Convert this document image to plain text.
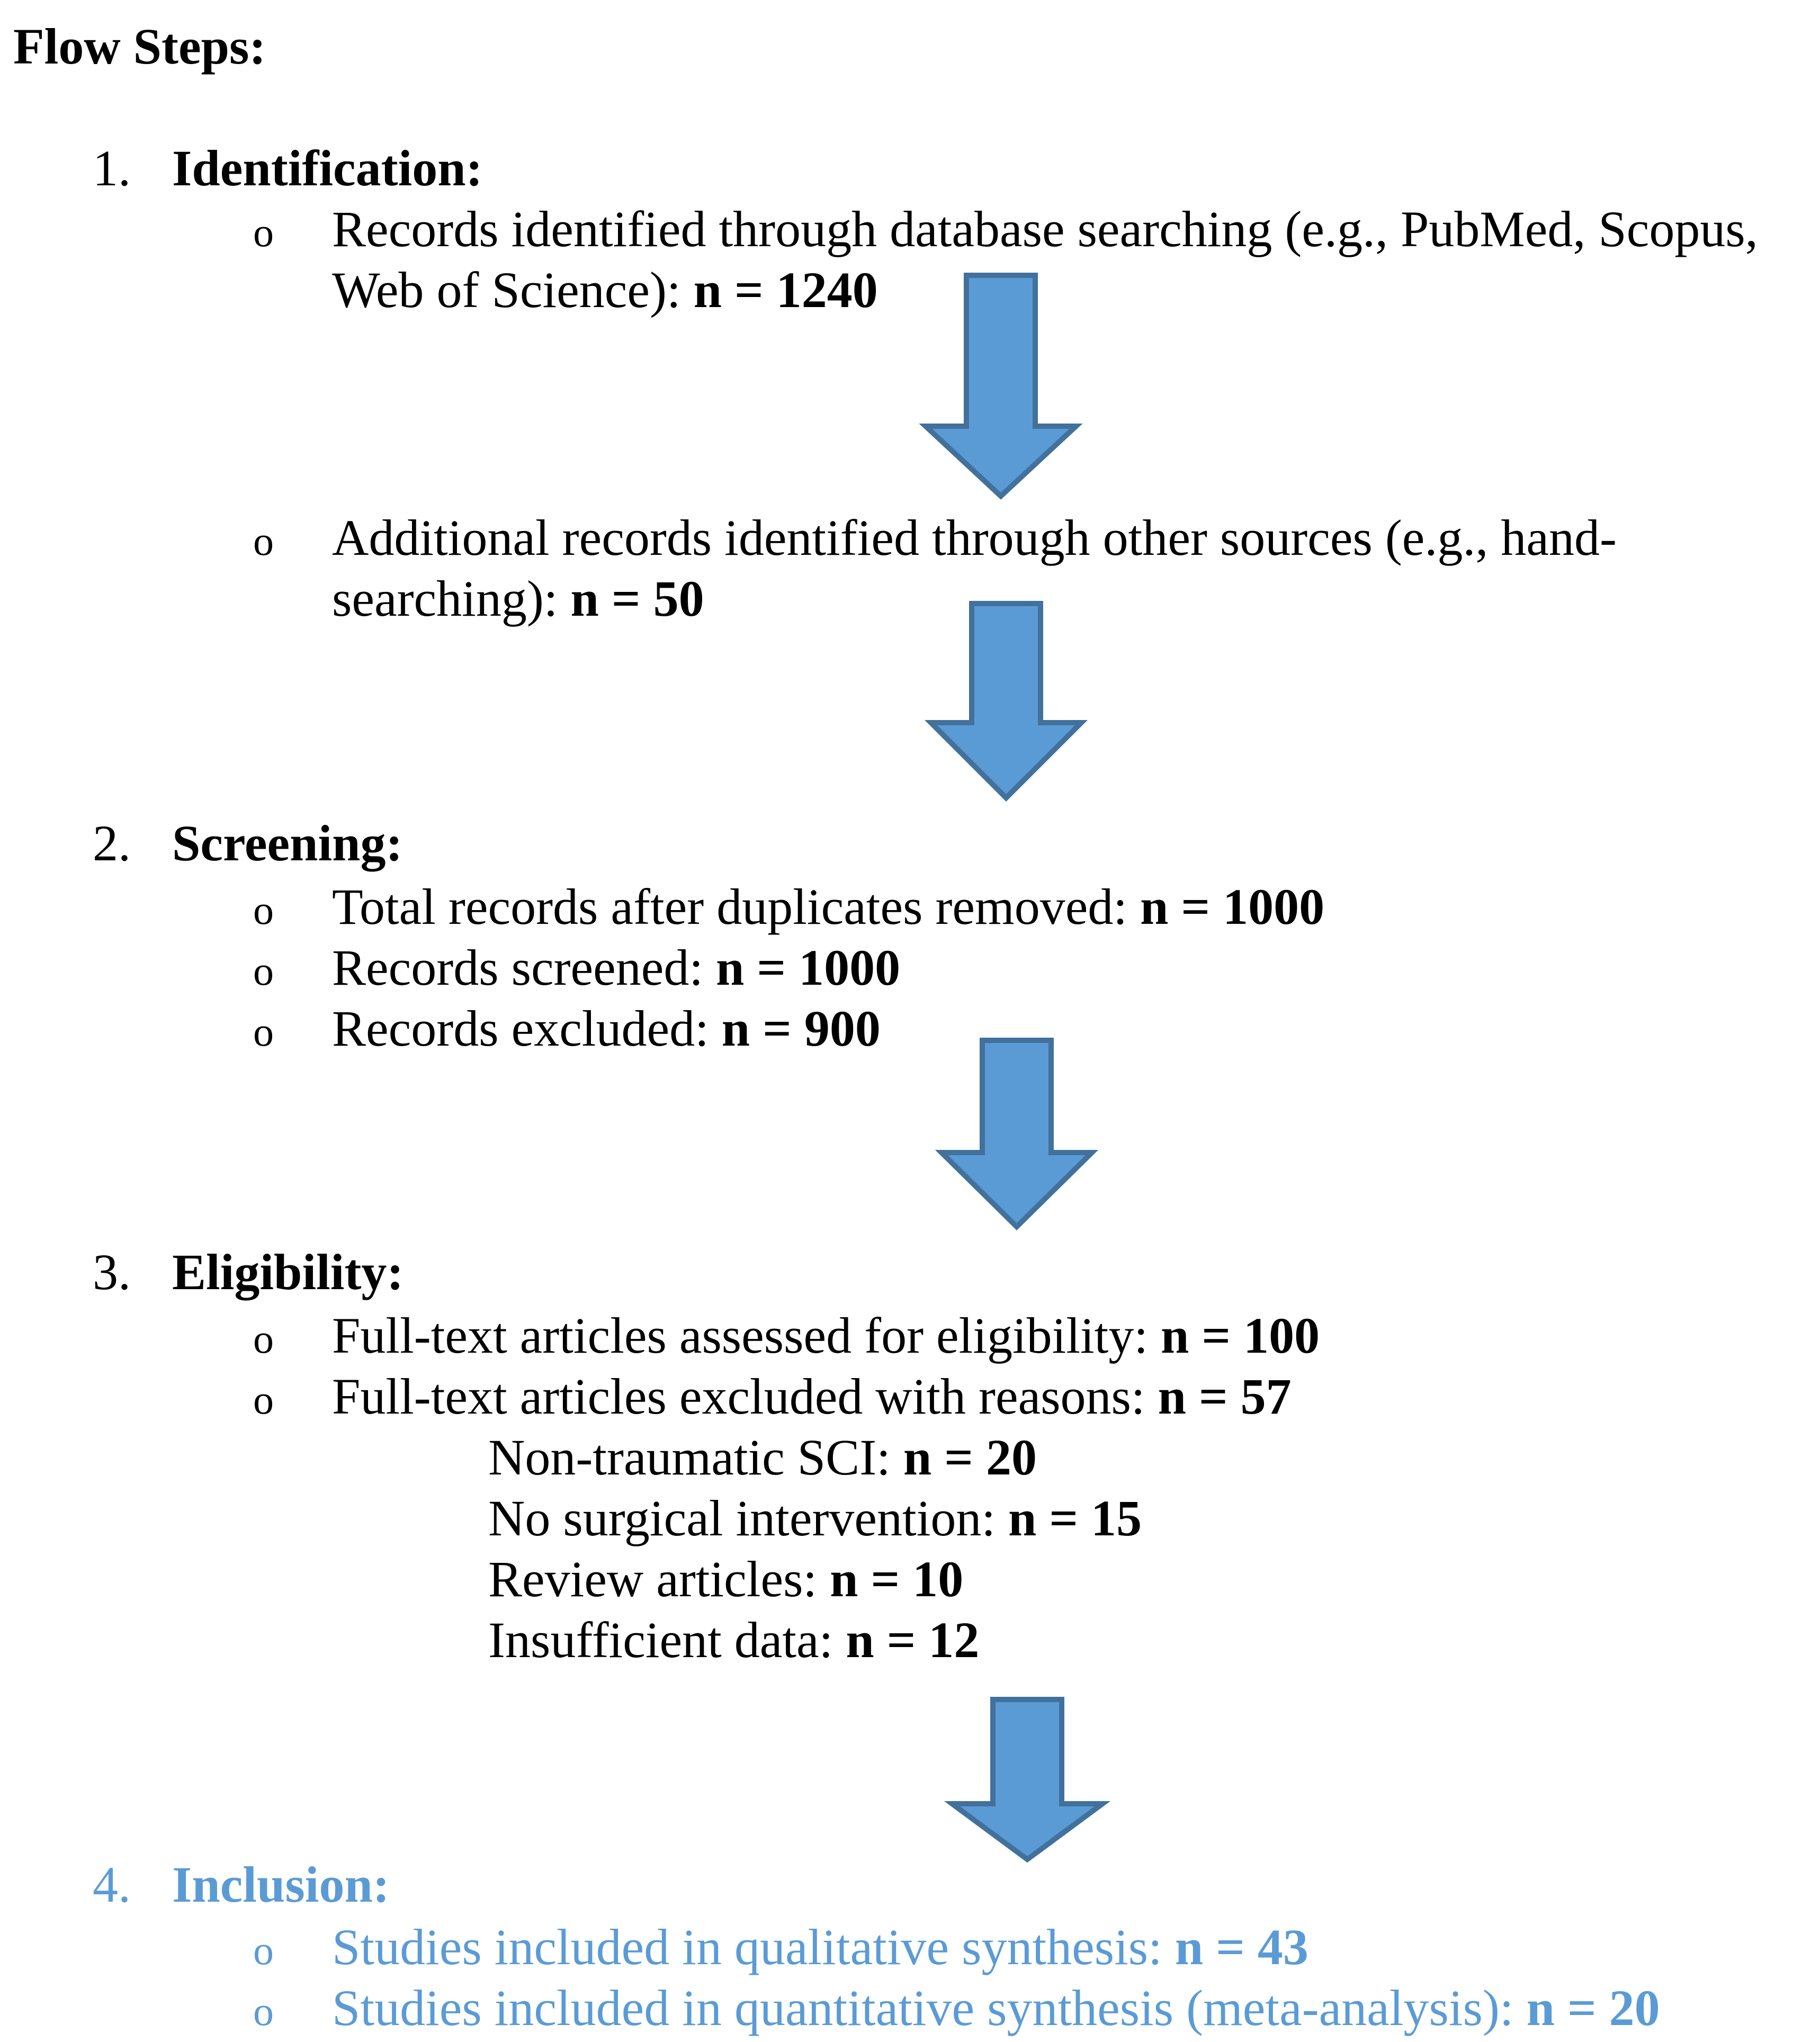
Flow Steps:
1. Identification:
o Records identified through database searching (e.g., PubMed, Scopus,
Web of Science): n = 1240
o Additional records identified through other sources (e.g., hand-
searching): n = 50
2. Screening:
o Total records after duplicates removed: n = 1000
o Records screened: n = 1000
o Records excluded: n = 900
3. Eligibility:
o Full-text articles assessed for eligibility: n = 100
o Full-text articles excluded with reasons: n = 57
Non-traumatic SCI: n = 20
No surgical intervention: n = 15
Review articles: n = 10
Insufficient data: n = 12
4. Inclusion:
o Studies included in qualitative synthesis: n = 43
o Studies included in quantitative synthesis (meta-analysis): n = 20
